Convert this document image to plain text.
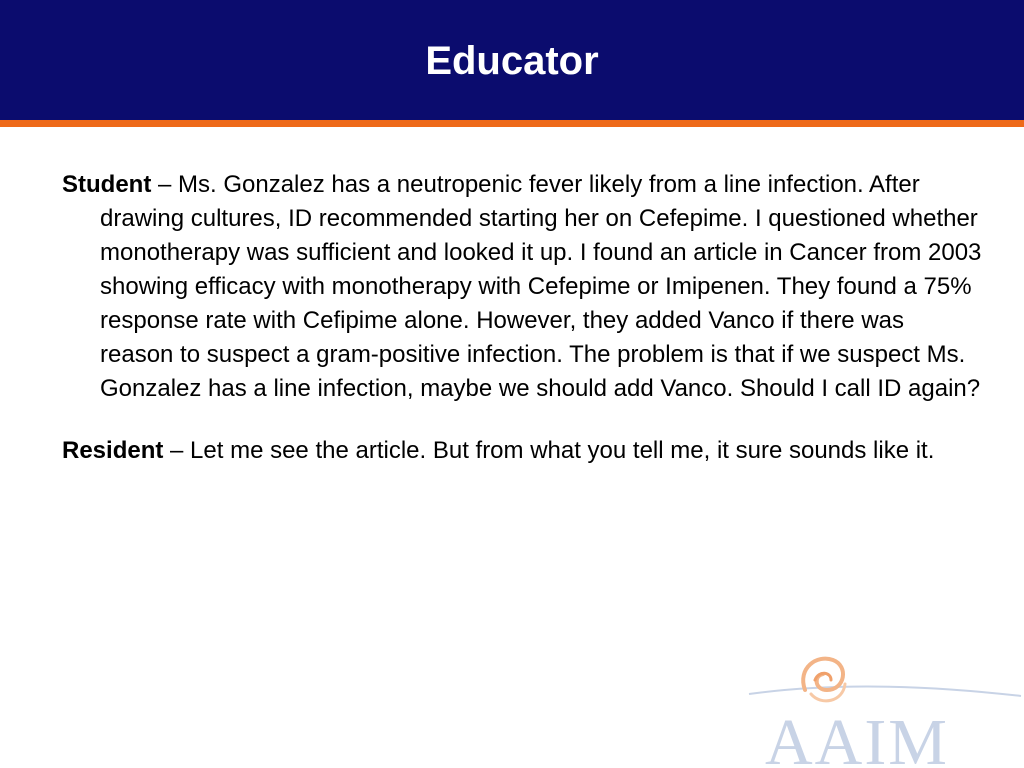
Educator

Student – Ms. Gonzalez has a neutropenic fever likely from a line infection. After drawing cultures, ID recommended starting her on Cefepime. I questioned whether monotherapy was sufficient and looked it up. I found an article in Cancer from 2003 showing efficacy with monotherapy with Cefepime or Imipenen. They found a 75% response rate with Cefipime alone. However, they added Vanco if there was reason to suspect a gram-positive infection. The problem is that if we suspect Ms. Gonzalez has a line infection, maybe we should add Vanco. Should I call ID again?

Resident – Let me see the article. But from what you tell me, it sure sounds like it.

AAIM
